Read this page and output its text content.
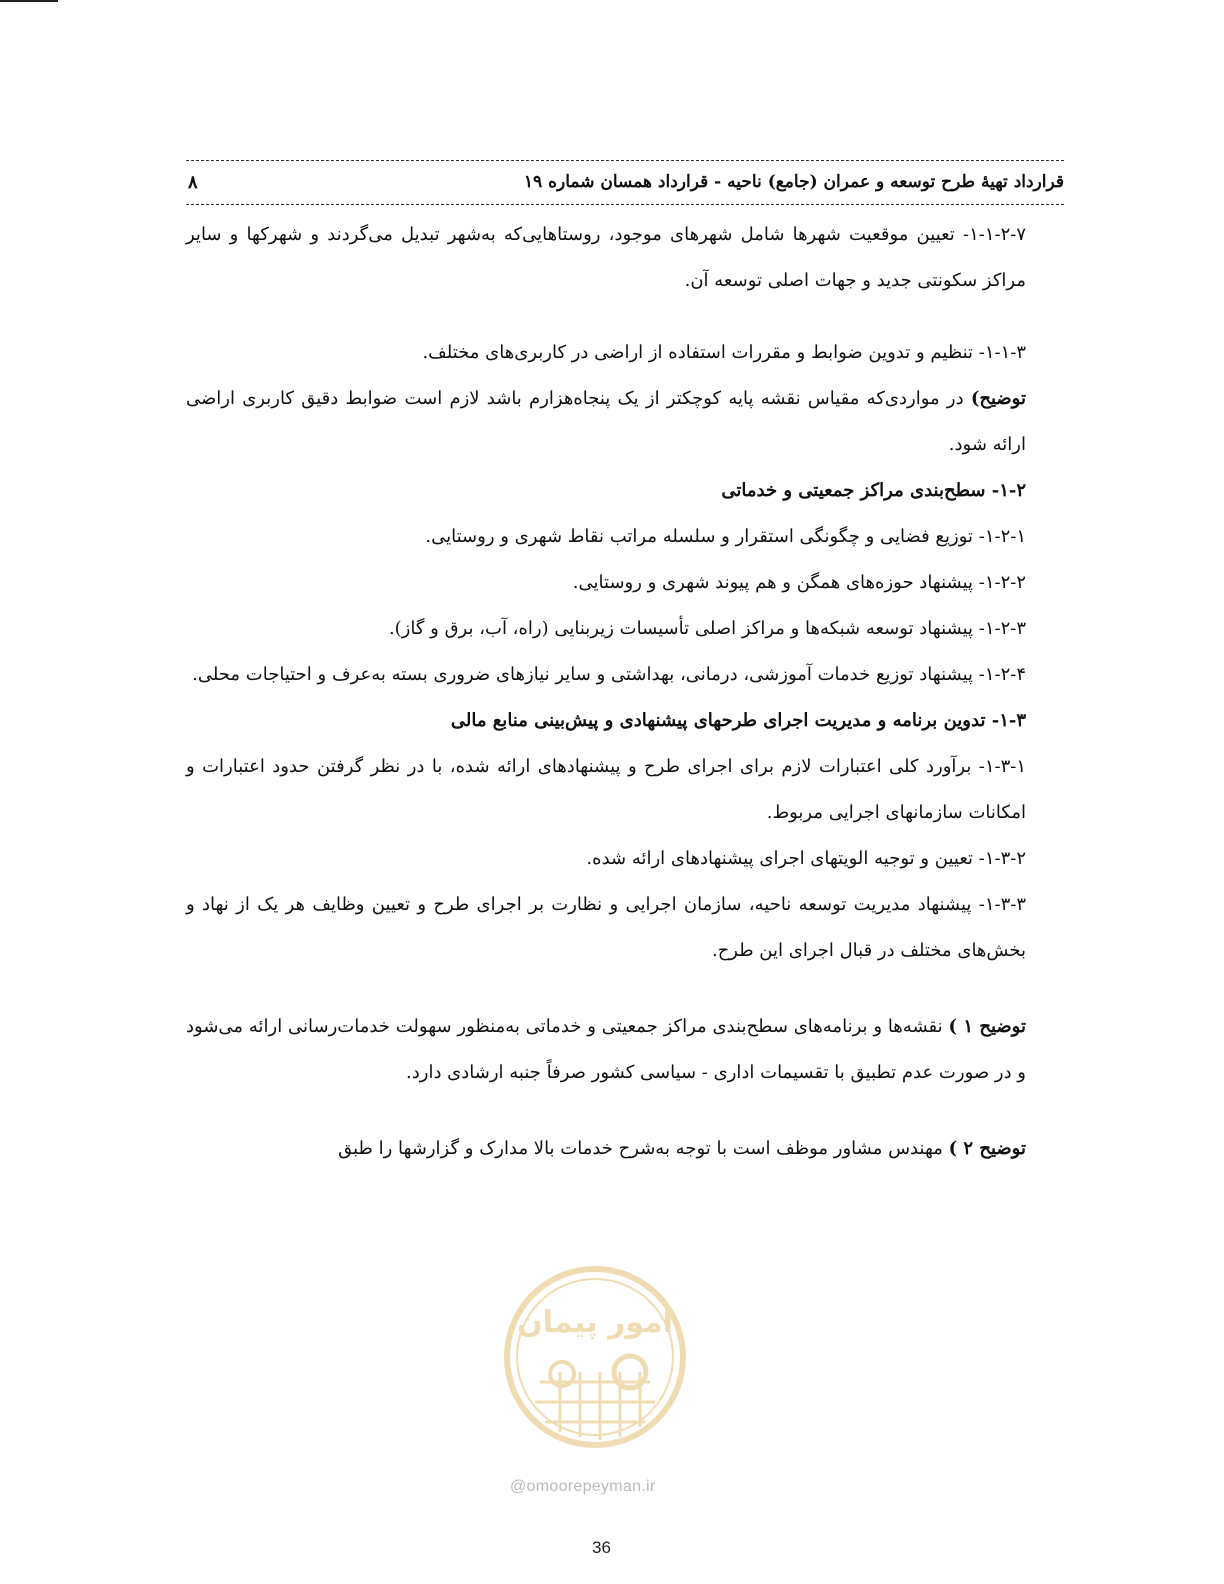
قرارداد تهیهٔ طرح توسعه و عمران (جامع) ناحیه - قرارداد همسان شماره ۱۹
۸

۱-۱-۲-۷- تعیین موقعیت شهرها شامل شهرهای موجود، روستاهایی‌که به‌شهر تبدیل می‌گردند و شهرکها و سایر مراکز سکونتی جدید و جهات اصلی توسعه آن.

۱-۱-۳- تنظیم و تدوین ضوابط و مقررات استفاده از اراضی در کاربری‌های مختلف.

توضیح) در مواردی‌که مقیاس نقشه پایه کوچکتر از یک پنجاه‌هزارم باشد لازم است ضوابط دقیق کاربری اراضی ارائه شود.

۱-۲- سطح‌بندی مراکز جمعیتی و خدماتی

۱-۲-۱- توزیع فضایی و چگونگی استقرار و سلسله مراتب نقاط شهری و روستایی.

۱-۲-۲- پیشنهاد حوزه‌های همگن و هم پیوند شهری و روستایی.

۱-۲-۳- پیشنهاد توسعه شبکه‌ها و مراکز اصلی تأسیسات زیربنایی (راه، آب، برق و گاز).

۱-۲-۴- پیشنهاد توزیع خدمات آموزشی، درمانی، بهداشتی و سایر نیازهای ضروری بسته به‌عرف و احتیاجات محلی.

۱-۳- تدوین برنامه و مدیریت اجرای طرحهای پیشنهادی و پیش‌بینی منابع مالی

۱-۳-۱- برآورد کلی اعتبارات لازم برای اجرای طرح و پیشنهادهای ارائه شده، با در نظر گرفتن حدود اعتبارات و امکانات سازمانهای اجرایی مربوط.

۱-۳-۲- تعیین و توجیه الویتهای اجرای پیشنهادهای ارائه شده.

۱-۳-۳- پیشنهاد مدیریت توسعه ناحیه، سازمان اجرایی و نظارت بر اجرای طرح و تعیین وظایف هر یک از نهاد و بخش‌های مختلف در قبال اجرای این طرح.

توضیح ۱ ) نقشه‌ها و برنامه‌های سطح‌بندی مراکز جمعیتی و خدماتی به‌منظور سهولت خدمات‌رسانی ارائه می‌شود و در صورت عدم تطبیق با تقسیمات اداری - سیاسی کشور صرفاً جنبه ارشادی دارد.

توضیح ۲ ) مهندس مشاور موظف است با توجه به‌شرح خدمات بالا مدارک و گزارشها را طبق

امور پیمان
@omoorepeyman.ir
36
